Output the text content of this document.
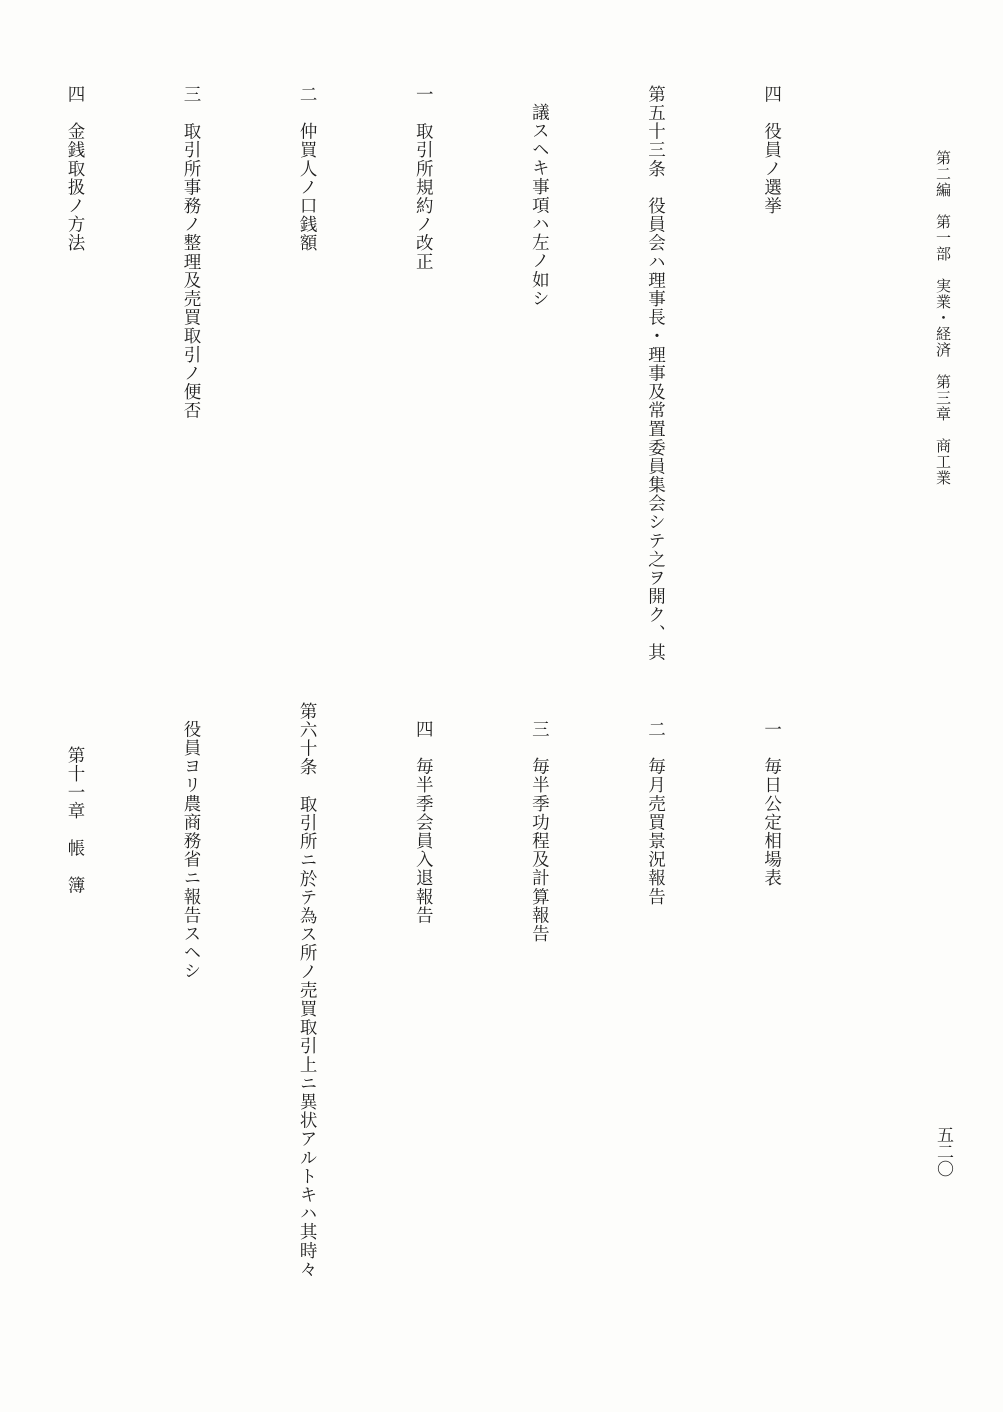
第二編　第一部　実業・経済　第三章　商工業
五二〇

四　役員ノ選挙

第五十三条　役員会ハ理事長・理事及常置委員集会シテ之ヲ開ク、其

議スヘキ事項ハ左ノ如シ

一　取引所規約ノ改正

二　仲買人ノ口銭額

三　取引所事務ノ整理及売買取引ノ便否

四　金銭取扱ノ方法

一　毎日公定相場表

二　毎月売買景況報告

三　毎半季功程及計算報告

四　毎半季会員入退報告

第六十条　取引所ニ於テ為ス所ノ売買取引上ニ異状アルトキハ其時々

役員ヨリ農商務省ニ報告スヘシ

第十一章　帳　簿
